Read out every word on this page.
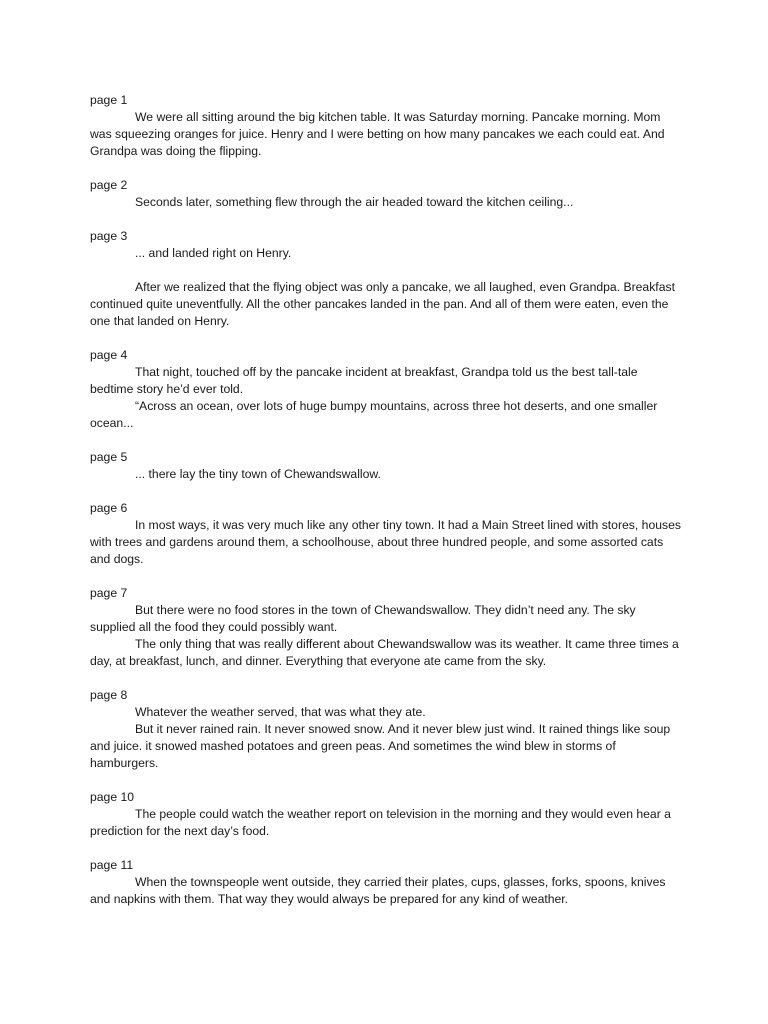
page 1

We were all sitting around the big kitchen table. It was Saturday morning. Pancake morning. Mom was squeezing oranges for juice. Henry and I were betting on how many pancakes we each could eat. And Grandpa was doing the flipping.

page 2

Seconds later, something flew through the air headed toward the kitchen ceiling...

page 3

... and landed right on Henry.

After we realized that the flying object was only a pancake, we all laughed, even Grandpa. Breakfast continued quite uneventfully. All the other pancakes landed in the pan. And all of them were eaten, even the one that landed on Henry.

page 4

That night, touched off by the pancake incident at breakfast, Grandpa told us the best tall-tale bedtime story he’d ever told.

“Across an ocean, over lots of huge bumpy mountains, across three hot deserts, and one smaller ocean...

page 5

... there lay the tiny town of Chewandswallow.

page 6

In most ways, it was very much like any other tiny town. It had a Main Street lined with stores, houses with trees and gardens around them, a schoolhouse, about three hundred people, and some assorted cats and dogs.

page 7

But there were no food stores in the town of Chewandswallow. They didn’t need any. The sky supplied all the food they could possibly want.

The only thing that was really different about Chewandswallow was its weather. It came three times a day, at breakfast, lunch, and dinner. Everything that everyone ate came from the sky.

page 8

Whatever the weather served, that was what they ate.

But it never rained rain. It never snowed snow. And it never blew just wind. It rained things like soup and juice. it snowed mashed potatoes and green peas. And sometimes the wind blew in storms of hamburgers.

page 10

The people could watch the weather report on television in the morning and they would even hear a prediction for the next day’s food.

page 11

When the townspeople went outside, they carried their plates, cups, glasses, forks, spoons, knives and napkins with them. That way they would always be prepared for any kind of weather.
